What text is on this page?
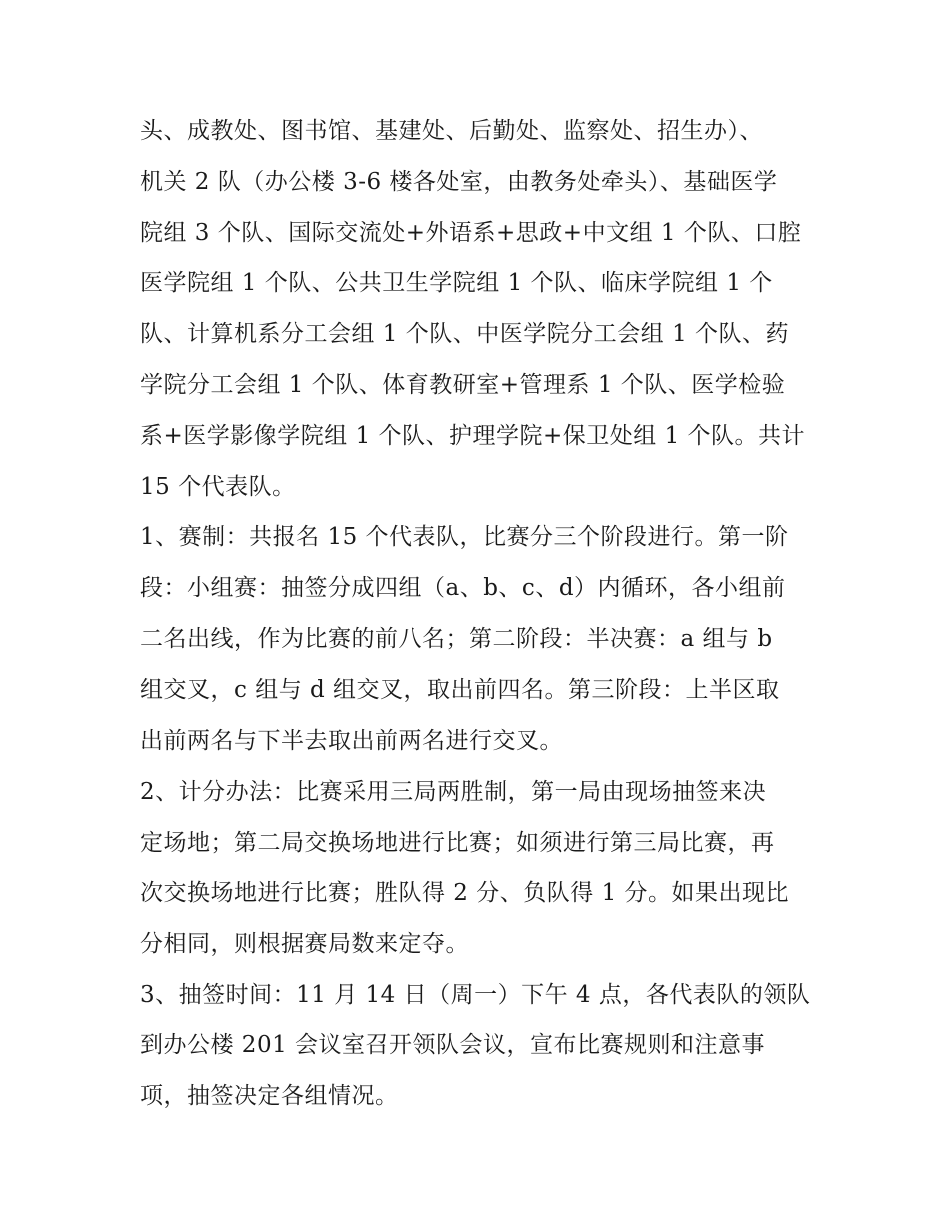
头、成教处、图书馆、基建处、后勤处、监察处、招生办）、
机关 2 队（办公楼 3-6 楼各处室，由教务处牵头）、基础医学
院组 3 个队、国际交流处+外语系+思政+中文组 1 个队、口腔
医学院组 1 个队、公共卫生学院组 1 个队、临床学院组 1 个
队、计算机系分工会组 1 个队、中医学院分工会组 1 个队、药
学院分工会组 1 个队、体育教研室+管理系 1 个队、医学检验
系+医学影像学院组 1 个队、护理学院+保卫处组 1 个队。共计
15 个代表队。
1、赛制：共报名 15 个代表队，比赛分三个阶段进行。第一阶
段：小组赛：抽签分成四组（a、b、c、d）内循环，各小组前
二名出线，作为比赛的前八名；第二阶段：半决赛：a 组与 b
组交叉，c 组与 d 组交叉，取出前四名。第三阶段：上半区取
出前两名与下半去取出前两名进行交叉。
2、计分办法：比赛采用三局两胜制，第一局由现场抽签来决
定场地；第二局交换场地进行比赛；如须进行第三局比赛，再
次交换场地进行比赛；胜队得 2 分、负队得 1 分。如果出现比
分相同，则根据赛局数来定夺。
3、抽签时间：11 月 14 日（周一）下午 4 点，各代表队的领队
到办公楼 201 会议室召开领队会议，宣布比赛规则和注意事
项，抽签决定各组情况。
